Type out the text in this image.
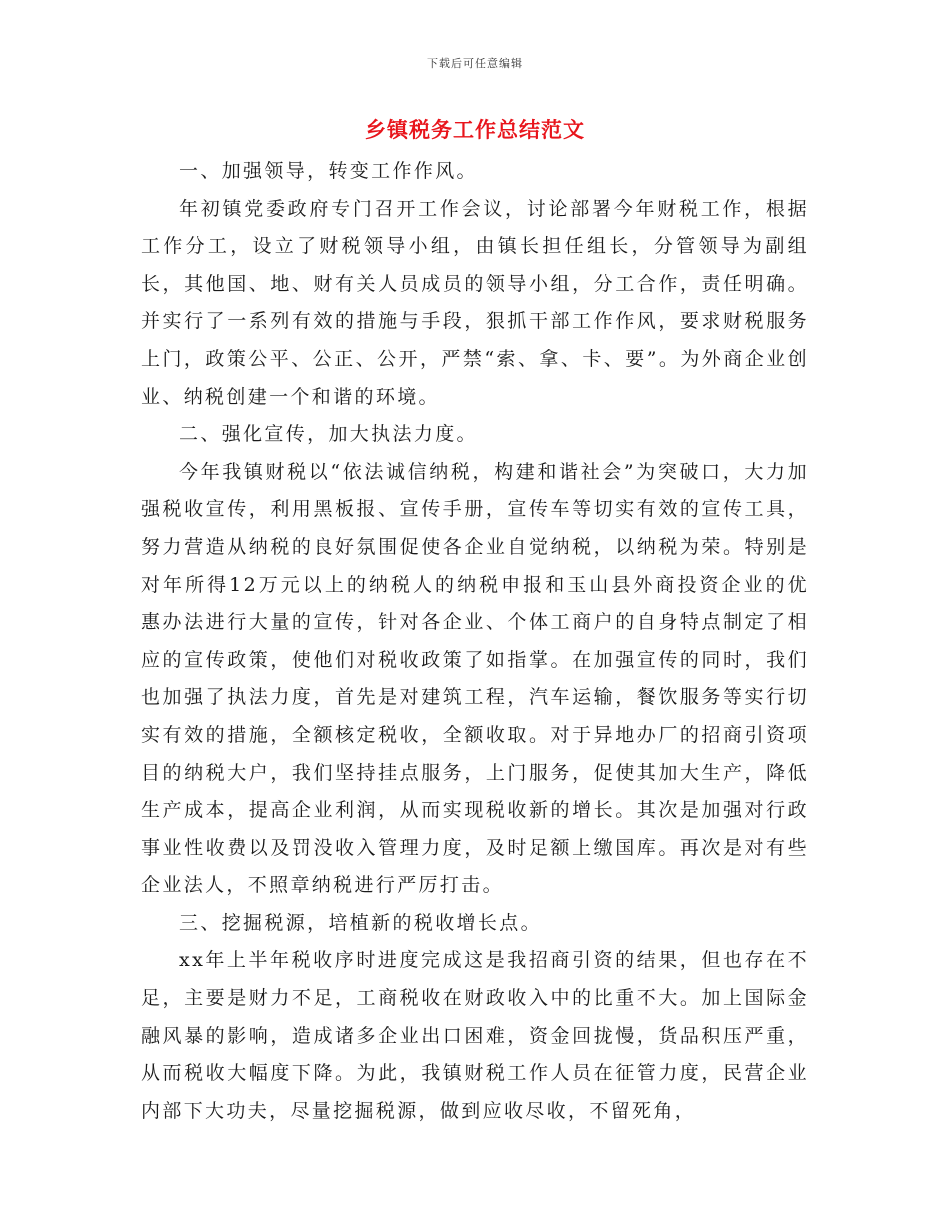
下载后可任意编辑
乡镇税务工作总结范文

一、加强领导，转变工作作风。

年初镇党委政府专门召开工作会议，讨论部署今年财税工作，根据工作分工，设立了财税领导小组，由镇长担任组长，分管领导为副组长，其他国、地、财有关人员成员的领导小组，分工合作，责任明确。并实行了一系列有效的措施与手段，狠抓干部工作作风，要求财税服务上门，政策公平、公正、公开，严禁“索、拿、卡、要”。为外商企业创业、纳税创建一个和谐的环境。

二、强化宣传，加大执法力度。

今年我镇财税以“依法诚信纳税，构建和谐社会”为突破口，大力加强税收宣传，利用黑板报、宣传手册，宣传车等切实有效的宣传工具，努力营造从纳税的良好氛围促使各企业自觉纳税，以纳税为荣。特别是对年所得12万元以上的纳税人的纳税申报和玉山县外商投资企业的优惠办法进行大量的宣传，针对各企业、个体工商户的自身特点制定了相应的宣传政策，使他们对税收政策了如指掌。在加强宣传的同时，我们也加强了执法力度，首先是对建筑工程，汽车运输，餐饮服务等实行切实有效的措施，全额核定税收，全额收取。对于异地办厂的招商引资项目的纳税大户，我们坚持挂点服务，上门服务，促使其加大生产，降低生产成本，提高企业利润，从而实现税收新的增长。其次是加强对行政事业性收费以及罚没收入管理力度，及时足额上缴国库。再次是对有些企业法人，不照章纳税进行严厉打击。

三、挖掘税源，培植新的税收增长点。

xx年上半年税收序时进度完成这是我招商引资的结果，但也存在不足，主要是财力不足，工商税收在财政收入中的比重不大。加上国际金融风暴的影响，造成诸多企业出口困难，资金回拢慢，货品积压严重，从而税收大幅度下降。为此，我镇财税工作人员在征管力度，民营企业内部下大功夫，尽量挖掘税源，做到应收尽收，不留死角，
